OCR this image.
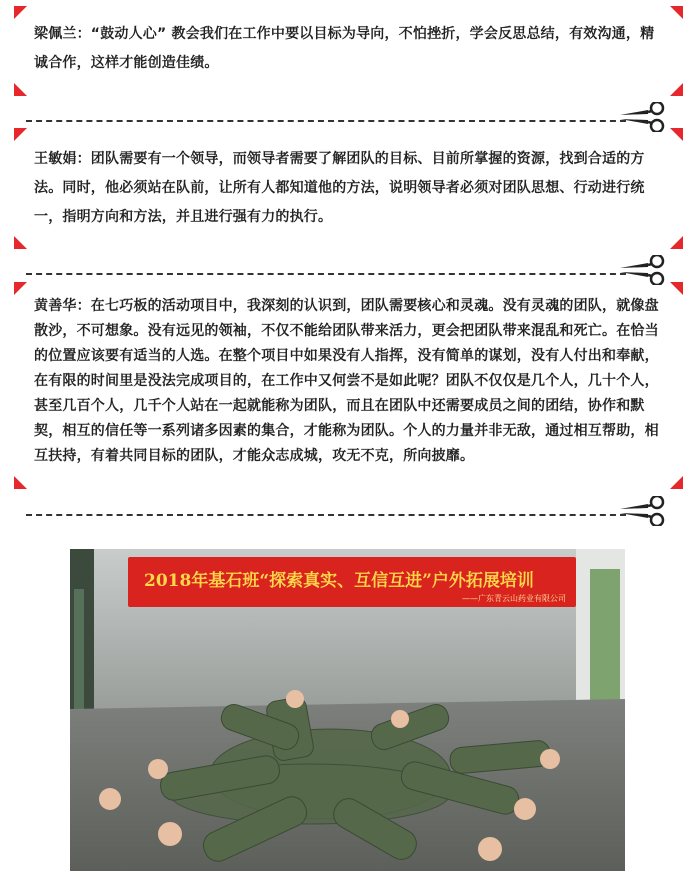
梁佩兰：“鼓动人心” 教会我们在工作中要以目标为导向，不怕挫折，学会反思总结，有效沟通，精诚合作，这样才能创造佳绩。

王敏娟：团队需要有一个领导，而领导者需要了解团队的目标、目前所掌握的资源，找到合适的方法。同时，他必须站在队前，让所有人都知道他的方法，说明领导者必须对团队思想、行动进行统一，指明方向和方法，并且进行强有力的执行。

黄善华：在七巧板的活动项目中，我深刻的认识到，团队需要核心和灵魂。没有灵魂的团队，就像盘散沙，不可想象。没有远见的领袖，不仅不能给团队带来活力，更会把团队带来混乱和死亡。在恰当的位置应该要有适当的人选。在整个项目中如果没有人指挥，没有简单的谋划，没有人付出和奉献，在有限的时间里是没法完成项目的，在工作中又何尝不是如此呢？团队不仅仅是几个人，几十个人，甚至几百个人，几千个人站在一起就能称为团队，而且在团队中还需要成员之间的团结，协作和默契，相互的信任等一系列诸多因素的集合，才能称为团队。个人的力量并非无敌，通过相互帮助，相互扶持，有着共同目标的团队，才能众志成城，攻无不克，所向披靡。

2018年基石班“探索真实、互信互进”户外拓展培训
——广东青云山药业有限公司
